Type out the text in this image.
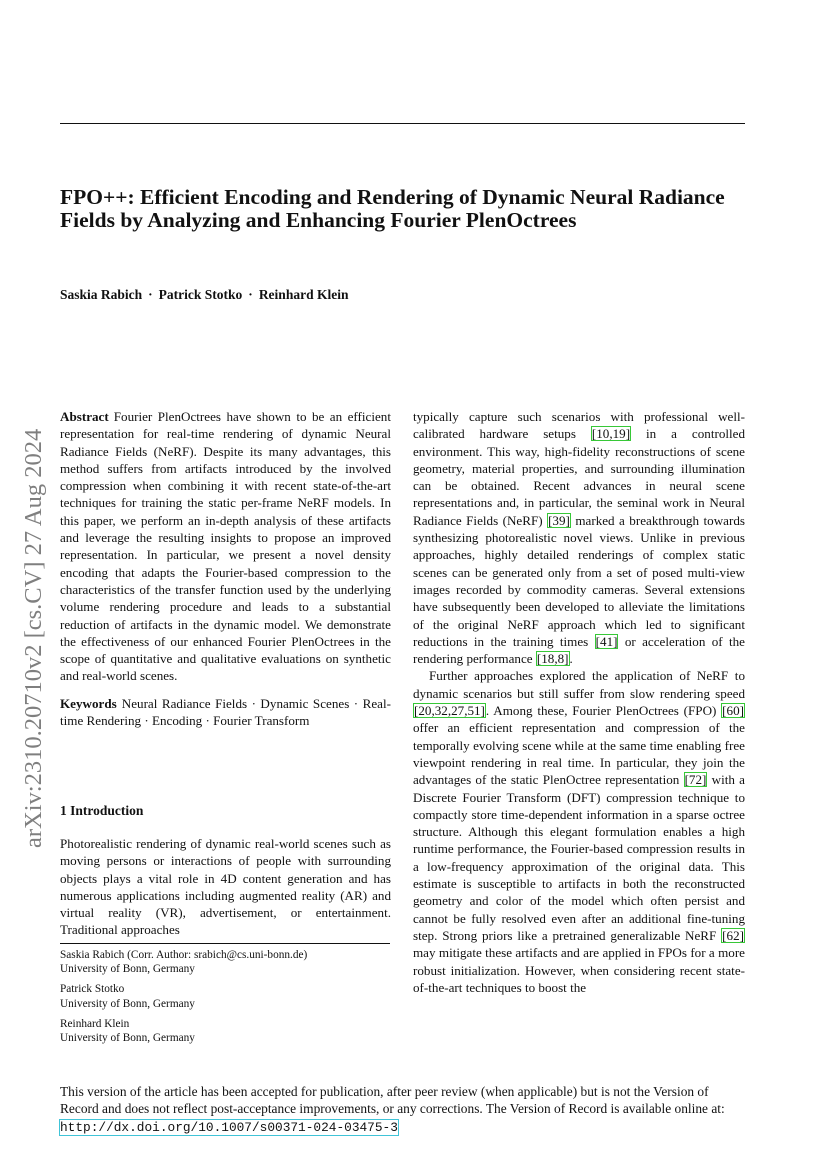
FPO++: Efficient Encoding and Rendering of Dynamic Neural Radiance Fields by Analyzing and Enhancing Fourier PlenOctrees
Saskia Rabich · Patrick Stotko · Reinhard Klein
arXiv:2310.20710v2 [cs.CV] 27 Aug 2024

Abstract Fourier PlenOctrees have shown to be an efficient representation for real-time rendering of dynamic Neural Radiance Fields (NeRF). Despite its many advantages, this method suffers from artifacts introduced by the involved compression when combining it with recent state-of-the-art techniques for training the static per-frame NeRF models. In this paper, we perform an in-depth analysis of these artifacts and leverage the resulting insights to propose an improved representation. In particular, we present a novel density encoding that adapts the Fourier-based compression to the characteristics of the transfer function used by the underlying volume rendering procedure and leads to a substantial reduction of artifacts in the dynamic model. We demonstrate the effectiveness of our enhanced Fourier PlenOctrees in the scope of quantitative and qualitative evaluations on synthetic and real-world scenes.

Keywords Neural Radiance Fields · Dynamic Scenes · Real-time Rendering · Encoding · Fourier Transform

1 Introduction

Photorealistic rendering of dynamic real-world scenes such as moving persons or interactions of people with surrounding objects plays a vital role in 4D content generation and has numerous applications including augmented reality (AR) and virtual reality (VR), advertisement, or entertainment. Traditional approaches

Saskia Rabich (Corr. Author: srabich@cs.uni-bonn.de)
University of Bonn, Germany
Patrick Stotko
University of Bonn, Germany
Reinhard Klein
University of Bonn, Germany

typically capture such scenarios with professional well-calibrated hardware setups [10,19] in a controlled environment. This way, high-fidelity reconstructions of scene geometry, material properties, and surrounding illumination can be obtained. Recent advances in neural scene representations and, in particular, the seminal work in Neural Radiance Fields (NeRF) [39] marked a breakthrough towards synthesizing photorealistic novel views. Unlike in previous approaches, highly detailed renderings of complex static scenes can be generated only from a set of posed multi-view images recorded by commodity cameras. Several extensions have subsequently been developed to alleviate the limitations of the original NeRF approach which led to significant reductions in the training times [41] or acceleration of the rendering performance [18,8].

Further approaches explored the application of NeRF to dynamic scenarios but still suffer from slow rendering speed [20,32,27,51]. Among these, Fourier PlenOctrees (FPO) [60] offer an efficient representation and compression of the temporally evolving scene while at the same time enabling free viewpoint rendering in real time. In particular, they join the advantages of the static PlenOctree representation [72] with a Discrete Fourier Transform (DFT) compression technique to compactly store time-dependent information in a sparse octree structure. Although this elegant formulation enables a high runtime performance, the Fourier-based compression results in a low-frequency approximation of the original data. This estimate is susceptible to artifacts in both the reconstructed geometry and color of the model which often persist and cannot be fully resolved even after an additional fine-tuning step. Strong priors like a pretrained generalizable NeRF [62] may mitigate these artifacts and are applied in FPOs for a more robust initialization. However, when considering recent state-of-the-art techniques to boost the

This version of the article has been accepted for publication, after peer review (when applicable) but is not the Version of Record and does not reflect post-acceptance improvements, or any corrections. The Version of Record is available online at: http://dx.doi.org/10.1007/s00371-024-03475-3
